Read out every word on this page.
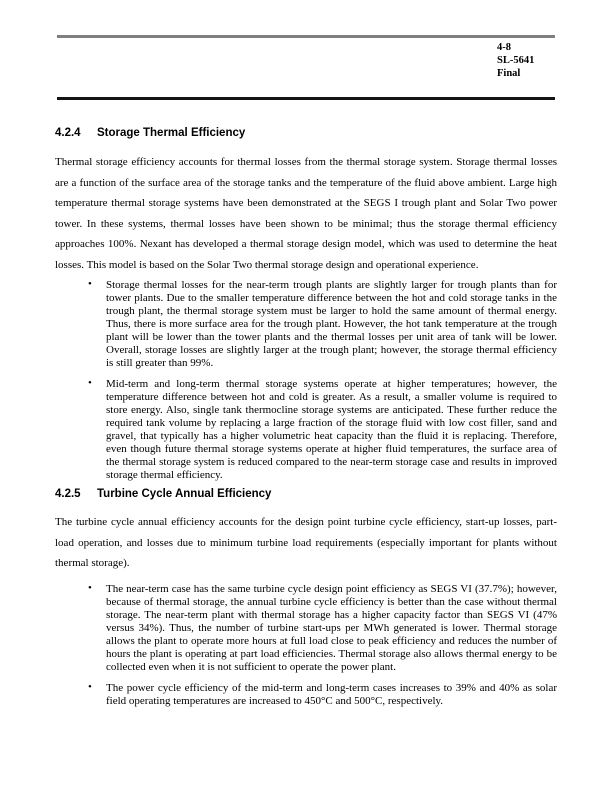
4-8
SL-5641
Final
4.2.4 Storage Thermal Efficiency

Thermal storage efficiency accounts for thermal losses from the thermal storage system. Storage thermal losses are a function of the surface area of the storage tanks and the temperature of the fluid above ambient. Large high temperature thermal storage systems have been demonstrated at the SEGS I trough plant and Solar Two power tower. In these systems, thermal losses have been shown to be minimal; thus the storage thermal efficiency approaches 100%. Nexant has developed a thermal storage design model, which was used to determine the heat losses. This model is based on the Solar Two thermal storage design and operational experience.

• Storage thermal losses for the near-term trough plants are slightly larger for trough plants than for tower plants. Due to the smaller temperature difference between the hot and cold storage tanks in the trough plant, the thermal storage system must be larger to hold the same amount of thermal energy. Thus, there is more surface area for the trough plant. However, the hot tank temperature at the trough plant will be lower than the tower plants and the thermal losses per unit area of tank will be lower. Overall, storage losses are slightly larger at the trough plant; however, the storage thermal efficiency is still greater than 99%.
• Mid-term and long-term thermal storage systems operate at higher temperatures; however, the temperature difference between hot and cold is greater. As a result, a smaller volume is required to store energy. Also, single tank thermocline storage systems are anticipated. These further reduce the required tank volume by replacing a large fraction of the storage fluid with low cost filler, sand and gravel, that typically has a higher volumetric heat capacity than the fluid it is replacing. Therefore, even though future thermal storage systems operate at higher fluid temperatures, the surface area of the thermal storage system is reduced compared to the near-term storage case and results in improved storage thermal efficiency.
4.2.5 Turbine Cycle Annual Efficiency

The turbine cycle annual efficiency accounts for the design point turbine cycle efficiency, start-up losses, part-load operation, and losses due to minimum turbine load requirements (especially important for plants without thermal storage).

• The near-term case has the same turbine cycle design point efficiency as SEGS VI (37.7%); however, because of thermal storage, the annual turbine cycle efficiency is better than the case without thermal storage. The near-term plant with thermal storage has a higher capacity factor than SEGS VI (47% versus 34%). Thus, the number of turbine start-ups per MWh generated is lower. Thermal storage allows the plant to operate more hours at full load close to peak efficiency and reduces the number of hours the plant is operating at part load efficiencies. Thermal storage also allows thermal energy to be collected even when it is not sufficient to operate the power plant.
• The power cycle efficiency of the mid-term and long-term cases increases to 39% and 40% as solar field operating temperatures are increased to 450°C and 500°C, respectively.
